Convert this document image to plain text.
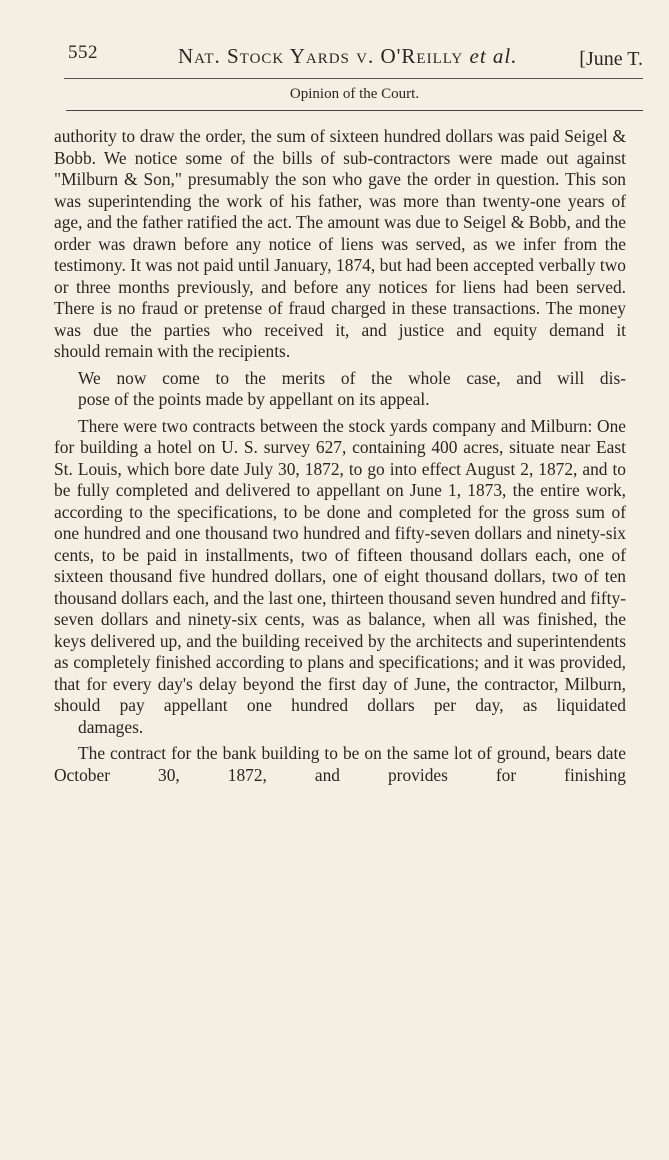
552	Nat. Stock Yards v. O'Reilly et al.	[June T.
Opinion of the Court.

authority to draw the order, the sum of sixteen hundred dollars was paid Seigel & Bobb. We notice some of the bills of sub-contractors were made out against "Milburn & Son," presumably the son who gave the order in question. This son was superintending the work of his father, was more than twenty-one years of age, and the father ratified the act. The amount was due to Seigel & Bobb, and the order was drawn before any notice of liens was served, as we infer from the testimony. It was not paid until January, 1874, but had been accepted verbally two or three months previously, and before any notices for liens had been served. There is no fraud or pretense of fraud charged in these transactions. The money was due the parties who received it, and justice and equity demand it
should remain with the recipients.

We now come to the merits of the whole case, and will dis-
pose of the points made by appellant on its appeal.

There were two contracts between the stock yards company and Milburn: One for building a hotel on U. S. survey 627, containing 400 acres, situate near East St. Louis, which bore date July 30, 1872, to go into effect August 2, 1872, and to be fully completed and delivered to appellant on June 1, 1873, the entire work, according to the specifications, to be done and completed for the gross sum of one hundred and one thousand two hundred and fifty-seven dollars and ninety-six cents, to be paid in installments, two of fifteen thousand dollars each, one of sixteen thousand five hundred dollars, one of eight thousand dollars, two of ten thousand dollars each, and the last one, thirteen thousand seven hundred and fifty-seven dollars and ninety-six cents, was as balance, when all was finished, the keys delivered up, and the building received by the architects and superintendents as completely finished according to plans and specifications; and it was provided, that for every day's delay beyond the first day of June, the contractor, Milburn, should pay appellant one hundred dollars per day, as liquidated
damages.

The contract for the bank building to be on the same lot of ground, bears date October 30, 1872, and provides for finishing
